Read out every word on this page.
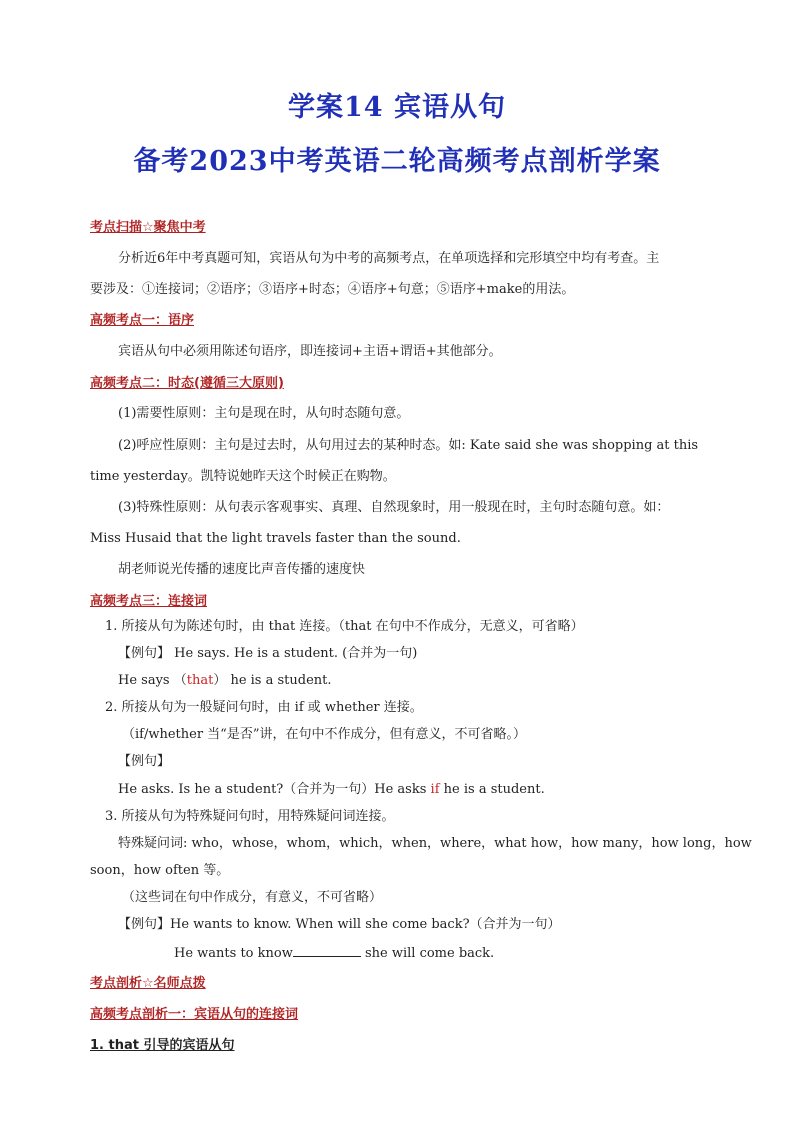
学案14 宾语从句
备考2023中考英语二轮高频考点剖析学案
考点扫描☆聚焦中考
分析近6年中考真题可知，宾语从句为中考的高频考点，在单项选择和完形填空中均有考查。主
要涉及：①连接词；②语序；③语序+时态；④语序+句意；⑤语序+make的用法。
高频考点一：语序
宾语从句中必须用陈述句语序，即连接词+主语+谓语+其他部分。
高频考点二：时态(遵循三大原则)
(1)需要性原则：主句是现在时，从句时态随句意。
(2)呼应性原则：主句是过去时，从句用过去的某种时态。如: Kate said she was shopping at this
time yesterday。凯特说她昨天这个时候正在购物。
(3)特殊性原则：从句表示客观事实、真理、自然现象时，用一般现在时，主句时态随句意。如：
Miss Husaid that the light travels faster than the sound.
胡老师说光传播的速度比声音传播的速度快
高频考点三：连接词
1. 所接从句为陈述句时，由 that 连接。（that 在句中不作成分，无意义，可省略）
【例句】 He says. He is a student. (合并为一句)
He says （that） he is a student.
2. 所接从句为一般疑问句时，由 if 或 whether 连接。
（if/whether 当“是否”讲，在句中不作成分，但有意义，不可省略。）
【例句】
He asks. Is he a student?（合并为一句）He asks if he is a student.
3. 所接从句为特殊疑问句时，用特殊疑问词连接。
特殊疑问词: who，whose，whom，which，when，where，what how，how many，how long，how
soon，how often 等。
（这些词在句中作成分，有意义，不可省略）
【例句】He wants to know. When will she come back?（合并为一句）
He wants to know	she will come back.
考点剖析☆名师点拨
高频考点剖析一：宾语从句的连接词
1. that 引导的宾语从句
